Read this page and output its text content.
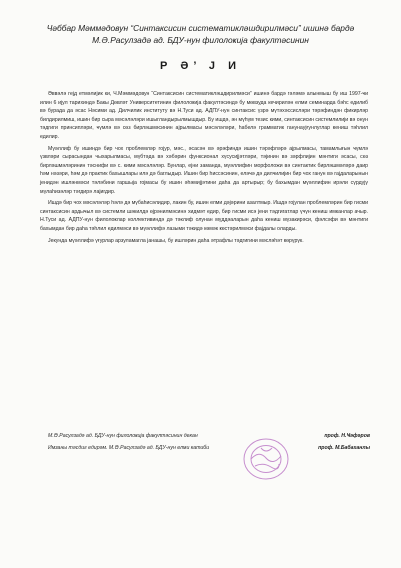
Чәббар Мәммәдовун “Синтаксисин систематикләшдирилмәси” ишинә бардә
М.Ә.Расулзадә ад. БДУ-нун филолоҝија факултәсинин
Р Ә’ Ј И

Әввәлә гејд етмәлијик ки, Ч.Мәммәдовун “Синтаксисин систематикләшдирилмәси” ишинә бардә гәләмә алынмыш бу иш 1997-ҹи илин 6 ијул тарихиндә Бакы Дөвләт Университетинин филолоҝија факултәсиндә бу мөвзуда кечирилән елми семинарда бәһс едилиб вә бурада да әсас Нәсими ад. Дилчилик институту вә Н.Туси ад. АДПУ-нун синтаксис үзрә мүтәхәссисләри тәрәфиндән фикирләр билдирилмиш, ишин бир сыра мәсәләләри ишыгландырылмышдыр. Бу ишдә, ән мүһүм тезис кими, синтаксисин системлилији вә онун тәдгиги принсипләри, ҹүмлә вә сөз бирләшмәсинин ајрылмасы мәсәләләри, һабелә грамматик ганунаујғунлуглар ҝениш тәһлил едилир.

Мүәллиф бу ишиндә бир чох проблемләр гојур, мәс., әсасән вә әрәфиндә ишин тәрәфләрә ајрылмасы, тамамлығын ҹүмлә үзвләри сырасындан чыхарылмасы, мүбтәда вә хәбәрин функсионал хүсусијјәтләри, тәјинин вә зәрфлијин мәнтиги әсасы, сөз бирләшмәләринин тәснифи вә с. кими мәсәләләр. Бунлар, ејни заманда, мүәллифин морфоложи вә синтактик бирләшмәләрә даир һәм нәзәри, һәм дә практик бахышлары илә дә баглыдыр. Ишин бир һиссәсинин, еләҹә дә дилчилијин бир чох ганун вә гајдаларынын јенидән ишләнмәси тәләбини гаршыја гојмасы бу ишин әһәмијјәтини даһа да артырыр; бу бахымдан мүәллифин ирәли сүрдүјү мүлаһизәләр тәгдирә лајигдир.

Ишдә бир чох мәсәләләр һәлә дә мүбаһисәлидир, лакин бу, ишин елми дәјәрини азалтмыр. Ишдә гојулан проблемләрин бир гисми синтаксисин ардыҹыл вә системли шәкилдә өјрәнилмәсинә хидмәт едир, бир гисми исә јени тәдгигатлар үчүн ҝениш имканлар ачыр. Н.Туси ад. АДПУ-нун филолоҝлар коллективиндә дә тәклиф олунан мүддәаларын даһа ҝениш мүзакирәси, фәлсәфи вә мәнтиги бахымдан бир даһа тәһлил едилмәси вә мүәллифә лазыми тәкидә көмәк ҝөстәрилмәси фајдалы оларды.

Јекунда мүәллифә үғурлар арзуламагла јанашы, бу ишләрин даһа әтрафлы тәдгигини мәсләһәт ҝөрүрүк.

М.Ә.Расулзадә ад. БДУ-нун филолоҝија факултәсинин декан	проф. Н.Ҹәфәров
Имзаны тәсдиг едирәм. М.Ә.Расулзадә ад. БДУ-нун елми катиби	проф. М.Бабаханлы
